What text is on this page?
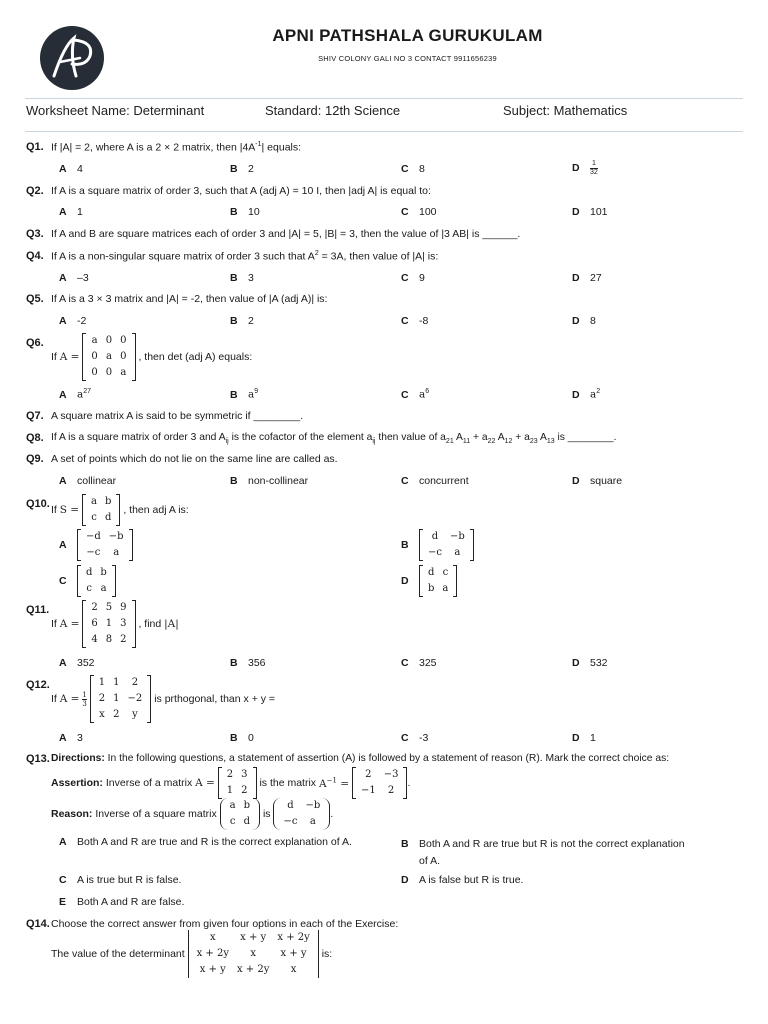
APNI PATHSHALA GURUKULAM
SHIV COLONY GALI NO 3 CONTACT 9911656239
Worksheet Name: Determinant	Standard: 12th Science	Subject: Mathematics
Q1. If |A| = 2, where A is a 2 × 2 matrix, then $|4A^{-1}|$ equals:
A 4	B 2	C 8	D $\frac{1}{32}$
Q2. If A is a square matrix of order 3, such that A (adj A) = 10 I, then |adj A| is equal to:
A 1	B 10	C 100	D 101
Q3. If A and B are square matrices each of order 3 and |A| = 5, |B| = 3, then the value of |3 AB| is ______.
Q4. If A is a non-singular square matrix of order 3 such that $A^2 = 3A$, then value of |A| is:
A –3	B 3	C 9	D 27
Q5. If A is a 3 × 3 matrix and |A| = -2, then value of |A (adj A)| is:
A -2	B 2	C -8	D 8
Q6.
If A =
a	0	0
0	a	0
0	0	a
, then det (adj A) equals:
A $a^{27}$	B $a^9$	C $a^6$	D $a^2$
Q7. A square matrix A is said to be symmetric if ________.
Q8. If A is a square matrix of order 3 and $A_{ij}$ is the cofactor of the element $a_{ij}$ then value of $a_{21}$ $A_{11} + a_{22}$ $A_{12} + a_{23}$ $A_{13}$ is ________.
Q9. A set of points which do not lie on the same line are called as.
A collinear	B non-collinear	C concurrent	D square
Q10. If S =
a	b
c	d
, then adj A is:
A
−d	−b
−c	a
B
d	−b
−c	a
C
d	b
c	a
D
d	c
b	a
Q11.
If A =
2	5	9
6	1	3
4	8	2
, find |A|
A 352	B 356	C 325	D 532
Q12.
If $A = \frac{1}{3}$

1	1	2
2	1	−2
x	2	y
is prthogonal, than x + y =
A 3	B 0	C -3	D 1
Q13. Directions: In the following questions, a statement of assertion (A) is followed by a statement of reason (R). Mark the correct choice as:
Assertion: Inverse of a matrix A =
2	3
1	2
is the matrix $A^{-1}$ =
2	−3
−1	2
.
Reason: Inverse of a square matrix
a	b
c	d
is
d	−b
−c	a
.
A Both A and R are true and R is the correct explanation of A.	B Both A and R are true but R is not the correct explanation
of A.
C A is true but R is false.	D A is false but R is true.
E Both A and R are false.
Q14. Choose the correct answer from given four options in each of the Exercise:
The value of the determinant
x	x + y	x + 2y
x + 2y	x	x + y
x + y	x + 2y	x
is:
